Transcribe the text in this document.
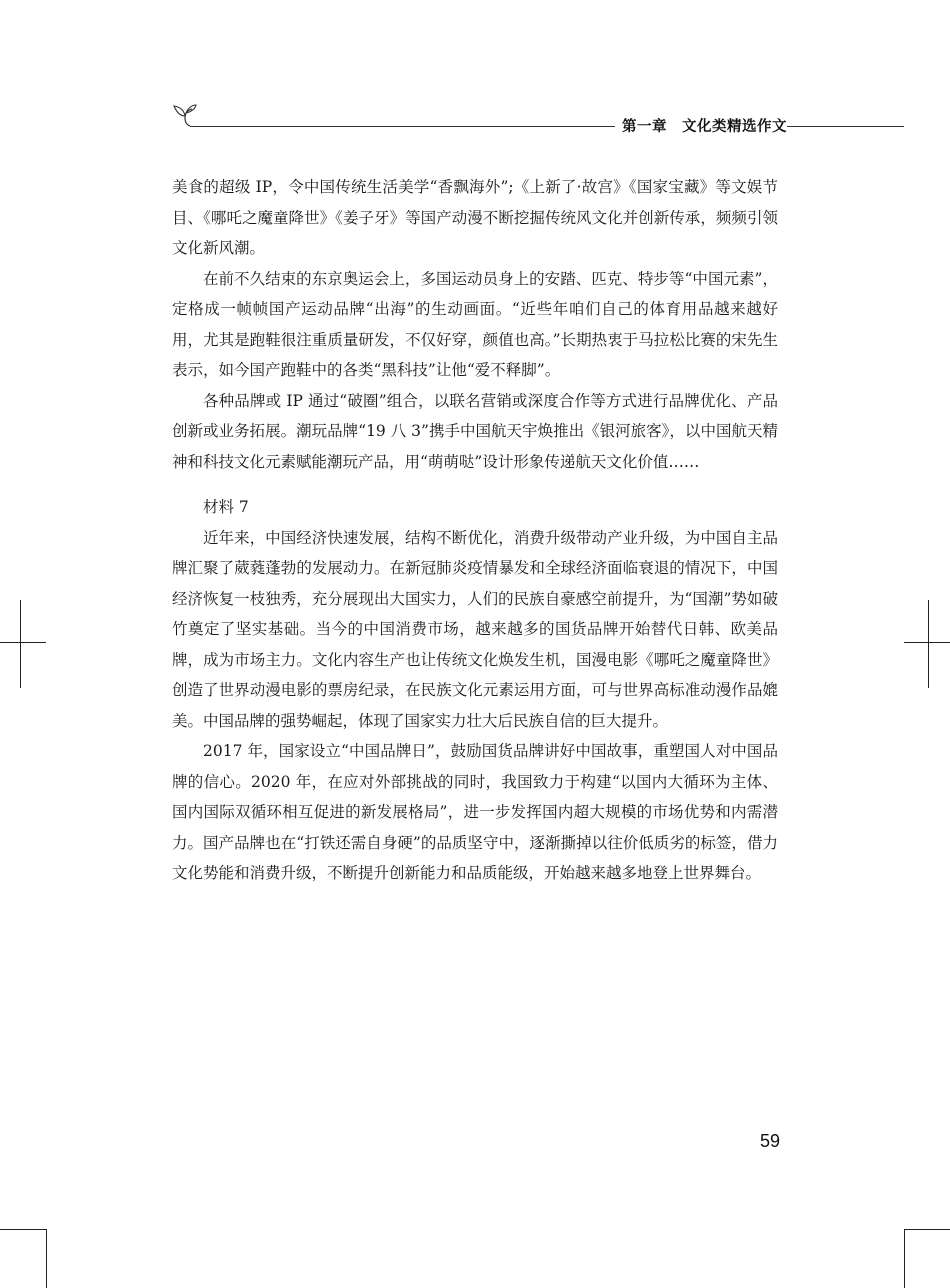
第一章　文化类精选作文

美食的超级 IP，令中国传统生活美学“香飘海外”;《上新了·故宫》《国家宝藏》等文娱节目、《哪吒之魔童降世》《姜子牙》等国产动漫不断挖掘传统风文化并创新传承，频频引领文化新风潮。

在前不久结束的东京奥运会上，多国运动员身上的安踏、匹克、特步等“中国元素”，定格成一帧帧国产运动品牌“出海”的生动画面。“近些年咱们自己的体育用品越来越好用，尤其是跑鞋很注重质量研发，不仅好穿，颜值也高。”长期热衷于马拉松比赛的宋先生表示，如今国产跑鞋中的各类“黑科技”让他“爱不释脚”。

各种品牌或 IP 通过“破圈”组合，以联名营销或深度合作等方式进行品牌优化、产品创新或业务拓展。潮玩品牌“19 八 3”携手中国航天宇焕推出《银河旅客》，以中国航天精神和科技文化元素赋能潮玩产品，用“萌萌哒”设计形象传递航天文化价值……

材料 7

近年来，中国经济快速发展，结构不断优化，消费升级带动产业升级，为中国自主品牌汇聚了葳蕤蓬勃的发展动力。在新冠肺炎疫情暴发和全球经济面临衰退的情况下，中国经济恢复一枝独秀，充分展现出大国实力，人们的民族自豪感空前提升，为“国潮”势如破竹奠定了坚实基础。当今的中国消费市场，越来越多的国货品牌开始替代日韩、欧美品牌，成为市场主力。文化内容生产也让传统文化焕发生机，国漫电影《哪吒之魔童降世》创造了世界动漫电影的票房纪录，在民族文化元素运用方面，可与世界高标准动漫作品媲美。中国品牌的强势崛起，体现了国家实力壮大后民族自信的巨大提升。

2017 年，国家设立“中国品牌日”，鼓励国货品牌讲好中国故事，重塑国人对中国品牌的信心。2020 年，在应对外部挑战的同时，我国致力于构建“以国内大循环为主体、国内国际双循环相互促进的新发展格局”，进一步发挥国内超大规模的市场优势和内需潜力。国产品牌也在“打铁还需自身硬”的品质坚守中，逐渐撕掉以往价低质劣的标签，借力文化势能和消费升级，不断提升创新能力和品质能级，开始越来越多地登上世界舞台。

59
